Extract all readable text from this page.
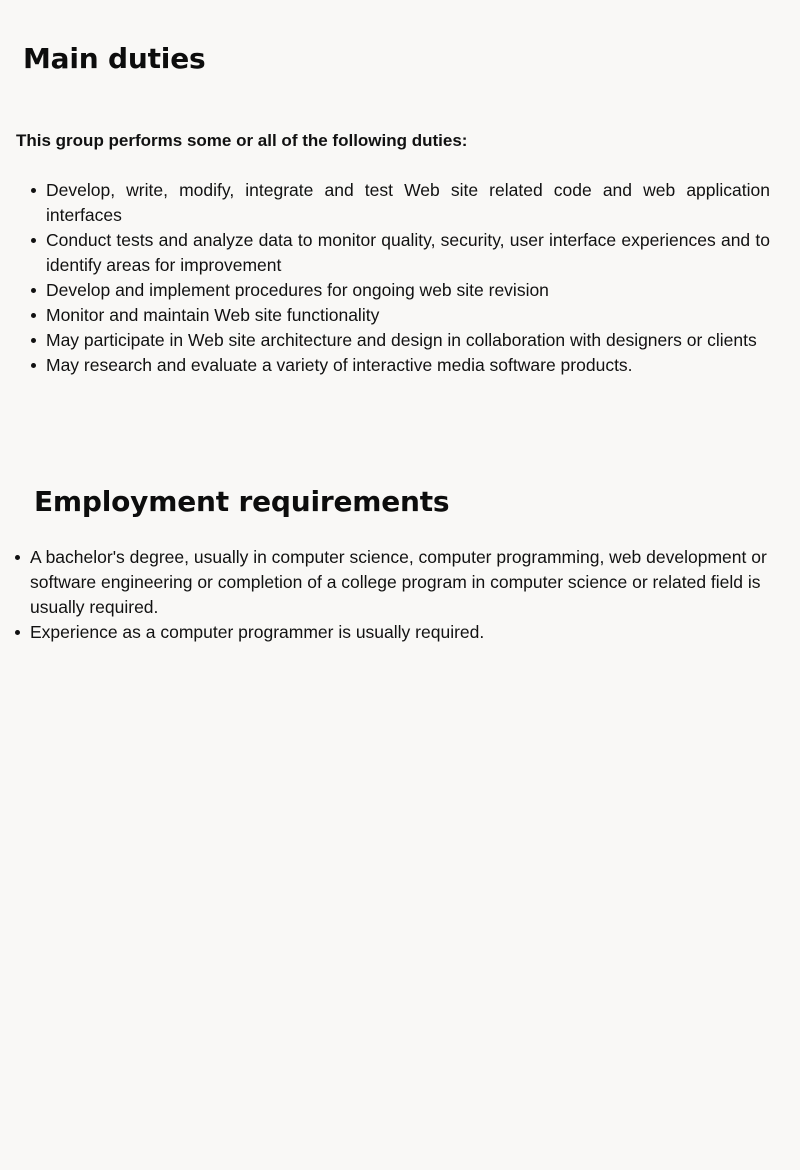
Main duties

This group performs some or all of the following duties:

Develop, write, modify, integrate and test Web site related code and web application interfaces
Conduct tests and analyze data to monitor quality, security, user interface experiences and to identify areas for improvement
Develop and implement procedures for ongoing web site revision
Monitor and maintain Web site functionality
May participate in Web site architecture and design in collaboration with designers or clients
May research and evaluate a variety of interactive media software products.
Employment requirements
A bachelor's degree, usually in computer science, computer programming, web development or software engineering or completion of a college program in computer science or related field is usually required.
Experience as a computer programmer is usually required.
